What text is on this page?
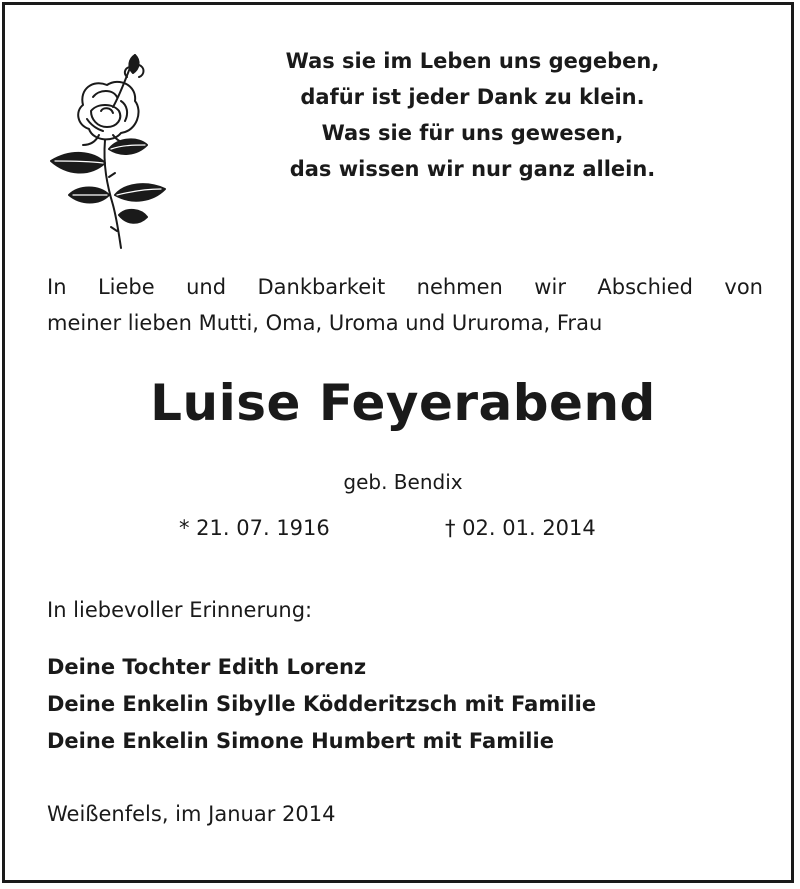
Was sie im Leben uns gegeben,
dafür ist jeder Dank zu klein.
Was sie für uns gewesen,
das wissen wir nur ganz allein.
In Liebe und Dankbarkeit nehmen wir Abschied von
meiner lieben Mutti, Oma, Uroma und Ururoma, Frau
Luise Feyerabend
geb. Bendix
* 21. 07. 1916	† 02. 01. 2014
In liebevoller Erinnerung:
Deine Tochter Edith Lorenz
Deine Enkelin Sibylle Ködderitzsch mit Familie
Deine Enkelin Simone Humbert mit Familie
Weißenfels, im Januar 2014
